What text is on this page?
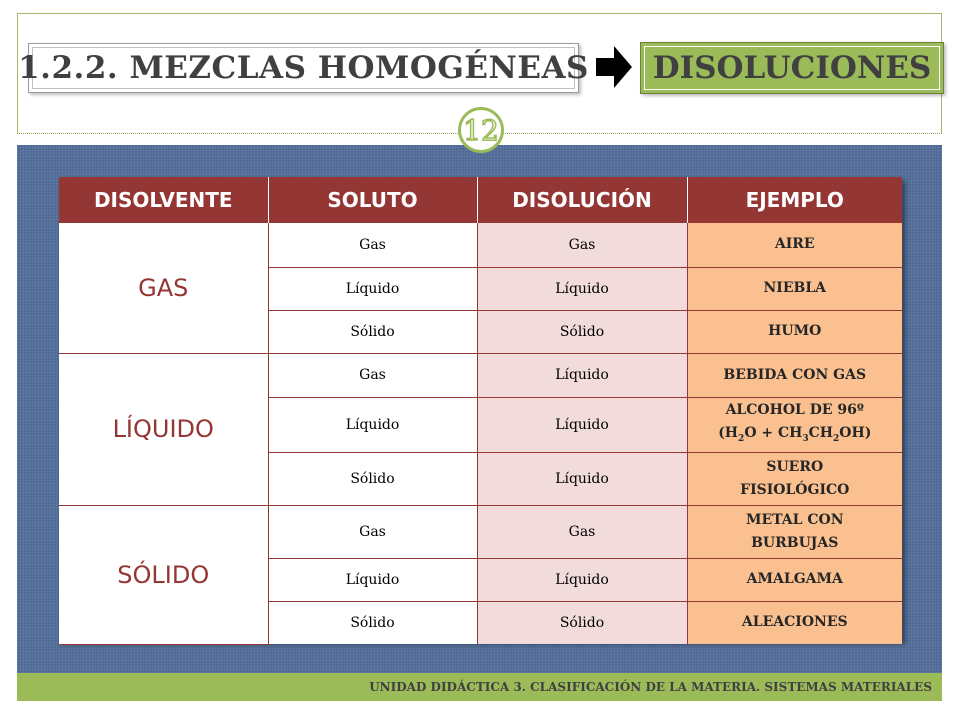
1.2.2. MEZCLAS HOMOGÉNEAS DISOLUCIONES
12
DISOLVENTE	SOLUTO	DISOLUCIÓN	EJEMPLO
GAS	Gas	Gas	AIRE
	Líquido	Líquido	NIEBLA
	Sólido	Sólido	HUMO
LÍQUIDO	Gas	Líquido	BEBIDA CON GAS
	Líquido	Líquido	ALCOHOL DE 96º
$(H_2O + CH_3CH_2OH)$

	Sólido	Líquido	SUERO FISIOLÓGICO
SÓLIDO	Gas	Gas	METAL CON BURBUJAS
	Líquido	Líquido	AMALGAMA
	Sólido	Sólido	ALEACIONES
UNIDAD DIDÁCTICA 3. CLASIFICACIÓN DE LA MATERIA. SISTEMAS MATERIALES
